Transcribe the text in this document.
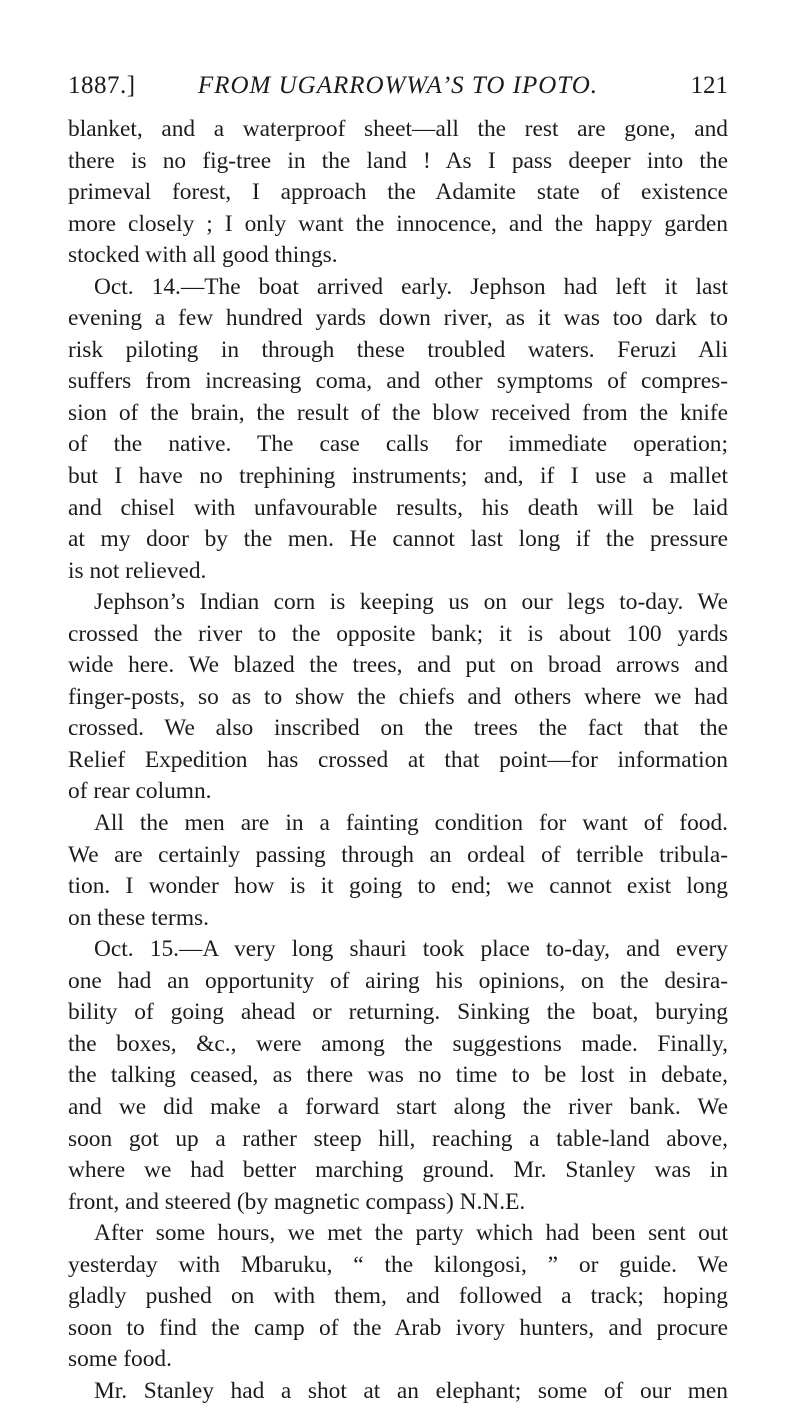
1887.]	FROM UGARROWWA’S TO IPOTO.	121
blanket, and a waterproof sheet—all the rest are gone, and
there is no fig-tree in the land ! As I pass deeper into the
primeval forest, I approach the Adamite state of existence
more closely ; I only want the innocence, and the happy garden
stocked with all good things.
Oct. 14.—The boat arrived early. Jephson had left it last
evening a few hundred yards down river, as it was too dark to
risk piloting in through these troubled waters. Feruzi Ali
suffers from increasing coma, and other symptoms of compres-
sion of the brain, the result of the blow received from the knife
of the native. The case calls for immediate operation;
but I have no trephining instruments; and, if I use a mallet
and chisel with unfavourable results, his death will be laid
at my door by the men. He cannot last long if the pressure
is not relieved.
Jephson’s Indian corn is keeping us on our legs to-day. We
crossed the river to the opposite bank; it is about 100 yards
wide here. We blazed the trees, and put on broad arrows and
finger-posts, so as to show the chiefs and others where we had
crossed. We also inscribed on the trees the fact that the
Relief Expedition has crossed at that point—for information
of rear column.
All the men are in a fainting condition for want of food.
We are certainly passing through an ordeal of terrible tribula-
tion. I wonder how is it going to end; we cannot exist long
on these terms.
Oct. 15.—A very long shauri took place to-day, and every
one had an opportunity of airing his opinions, on the desira-
bility of going ahead or returning. Sinking the boat, burying
the boxes, &c., were among the suggestions made. Finally,
the talking ceased, as there was no time to be lost in debate,
and we did make a forward start along the river bank. We
soon got up a rather steep hill, reaching a table-land above,
where we had better marching ground. Mr. Stanley was in
front, and steered (by magnetic compass) N.N.E.
After some hours, we met the party which had been sent out
yesterday with Mbaruku, “ the kilongosi, ” or guide. We
gladly pushed on with them, and followed a track; hoping
soon to find the camp of the Arab ivory hunters, and procure
some food.
Mr. Stanley had a shot at an elephant; some of our men
